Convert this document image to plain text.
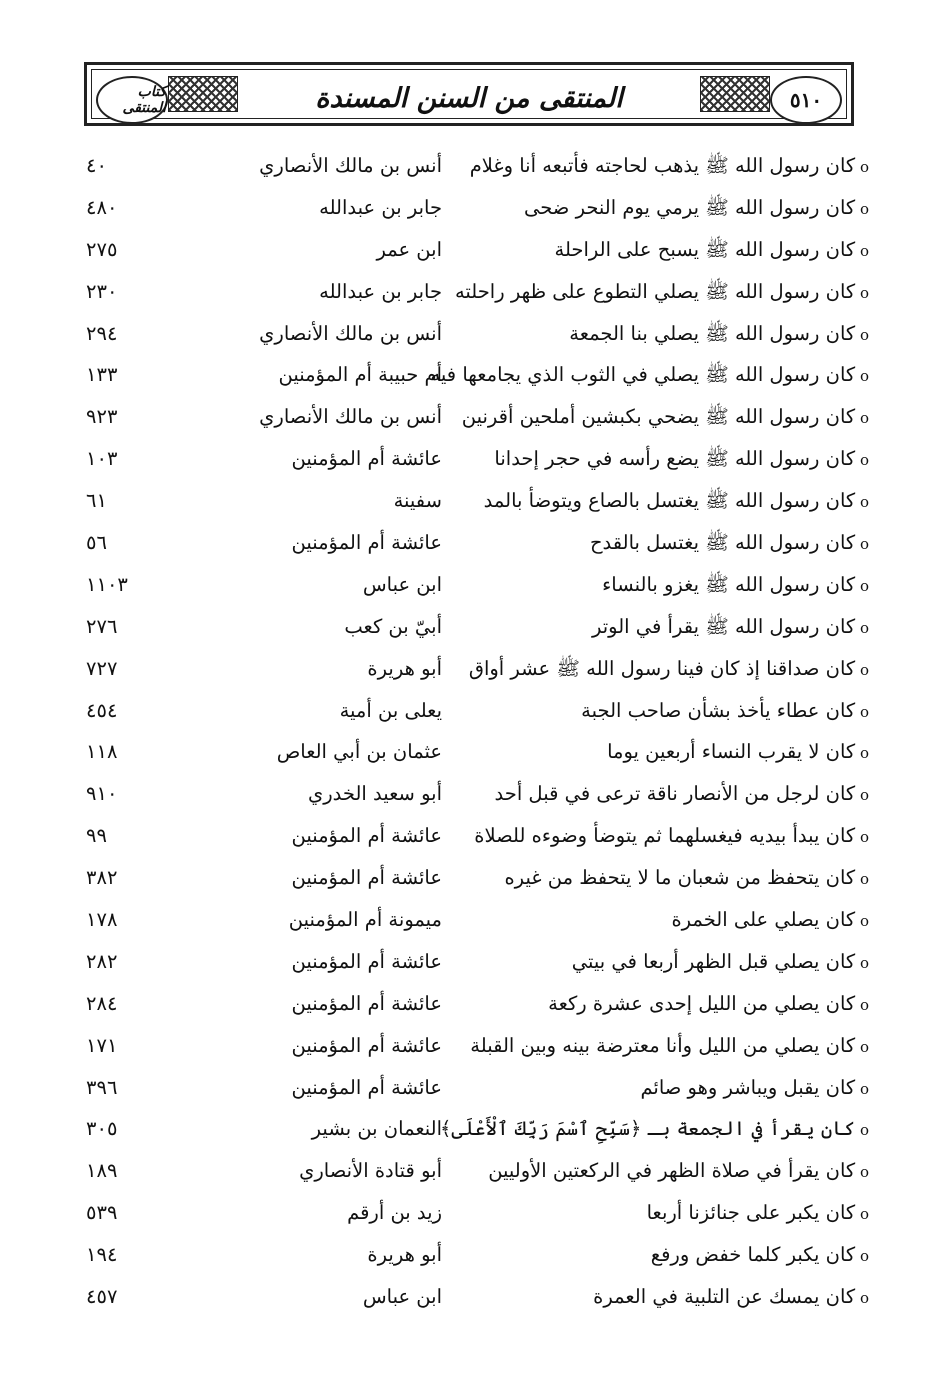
٥١٠
المنتقى من السنن المسندة
كتاب المنتقى
o كان رسول الله ﷺ يذهب لحاجته فأتبعه أنا وغلام
أنس بن مالك الأنصاري
٤٠
o كان رسول الله ﷺ يرمي يوم النحر ضحى
جابر بن عبدالله
٤٨٠
o كان رسول الله ﷺ يسبح على الراحلة
ابن عمر
٢٧٥
o كان رسول الله ﷺ يصلي التطوع على ظهر راحلته
جابر بن عبدالله
٢٣٠
o كان رسول الله ﷺ يصلي بنا الجمعة
أنس بن مالك الأنصاري
٢٩٤
o كان رسول الله ﷺ يصلي في الثوب الذي يجامعها فيه
أم حبيبة أم المؤمنين
١٣٣
o كان رسول الله ﷺ يضحي بكبشين أملحين أقرنين
أنس بن مالك الأنصاري
٩٢٣
o كان رسول الله ﷺ يضع رأسه في حجر إحدانا
عائشة أم المؤمنين
١٠٣
o كان رسول الله ﷺ يغتسل بالصاع ويتوضأ بالمد
سفينة
٦١
o كان رسول الله ﷺ يغتسل بالقدح
عائشة أم المؤمنين
٥٦
o كان رسول الله ﷺ يغزو بالنساء
ابن عباس
١١٠٣
o كان رسول الله ﷺ يقرأ في الوتر
أبيّ بن كعب
٢٧٦
o كان صداقنا إذ كان فينا رسول الله ﷺ عشر أواق
أبو هريرة
٧٢٧
o كان عطاء يأخذ بشأن صاحب الجبة
يعلى بن أمية
٤٥٤
o كان لا يقرب النساء أربعين يوما
عثمان بن أبي العاص
١١٨
o كان لرجل من الأنصار ناقة ترعى في قبل أحد
أبو سعيد الخدري
٩١٠
o كان يبدأ بيديه فيغسلهما ثم يتوضأ وضوءه للصلاة
عائشة أم المؤمنين
٩٩
o كان يتحفظ من شعبان ما لا يتحفظ من غيره
عائشة أم المؤمنين
٣٨٢
o كان يصلي على الخمرة
ميمونة أم المؤمنين
١٧٨
o كان يصلي قبل الظهر أربعا في بيتي
عائشة أم المؤمنين
٢٨٢
o كان يصلي من الليل إحدى عشرة ركعة
عائشة أم المؤمنين
٢٨٤
o كان يصلي من الليل وأنا معترضة بينه وبين القبلة
عائشة أم المؤمنين
١٧١
o كان يقبل ويباشر وهو صائم
عائشة أم المؤمنين
٣٩٦
o كان يقرأ في الجمعة بـ ﴿سَبِّحِ ٱسْمَ رَبِّكَ ٱلْأَعْلَى﴾
النعمان بن بشير
٣٠٥
o كان يقرأ في صلاة الظهر في الركعتين الأوليين
أبو قتادة الأنصاري
١٨٩
o كان يكبر على جنائزنا أربعا
زيد بن أرقم
٥٣٩
o كان يكبر كلما خفض ورفع
أبو هريرة
١٩٤
o كان يمسك عن التلبية في العمرة
ابن عباس
٤٥٧
